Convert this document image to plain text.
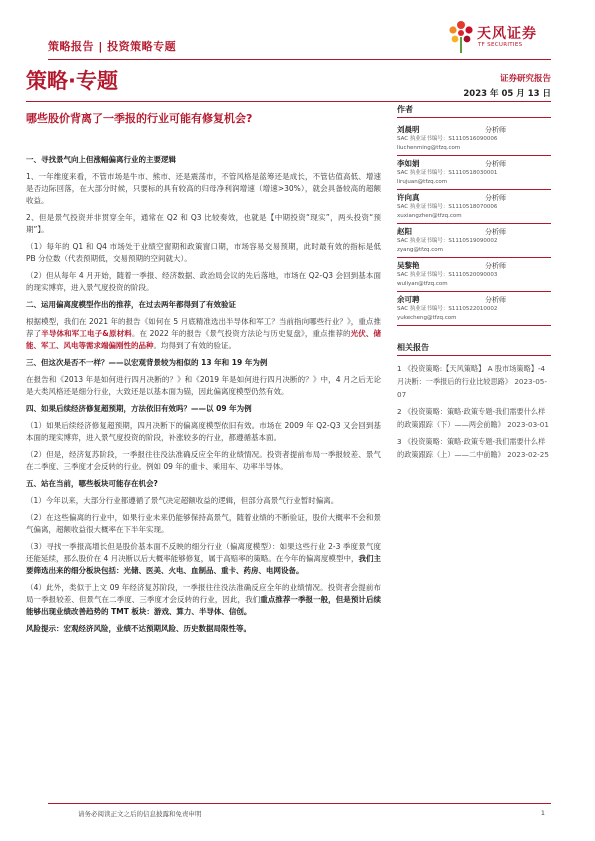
策略报告 | 投资策略专题
天风证券
TF SECURITIES
策略·专题	证券研究报告
2023 年 05 月 13 日
哪些股价背离了一季报的行业可能有修复机会?
一、寻找景气向上但涨幅偏离行业的主要逻辑

1、一年维度来看，不管市场是牛市、熊市、还是震荡市，不管风格是蓝筹还是成长，不管估值高低、增速是否边际回落，在大部分时候，只要标的具有较高的归母净利润增速（增速>30%），就会具备较高的超额收益。

2、但是景气投资并非贯穿全年，通常在 Q2 和 Q3 比较奏效，也就是【中期投资“现实”，两头投资“预期”】。

（1）每年的 Q1 和 Q4 市场处于业绩空窗期和政策窗口期，市场容易交易预期，此时最有效的指标是低 PB 分位数（代表预期低，交易预期的空间就大）。

（2）但从每年 4 月开始，随着一季报、经济数据、政治局会议的先后落地，市场在 Q2-Q3 会回到基本面的现实博弈，进入景气度投资的阶段。

二、运用偏离度模型作出的推荐，在过去两年都得到了有效验证

根据模型，我们在 2021 年的报告《如何在 5 月底精准选出半导体和军工？当前指向哪些行业？》，重点推荐了半导体和军工电子&原材料。在 2022 年的报告《景气投资方法论与历史复盘》，重点推荐的光伏、储能、军工、风电等需求端偏刚性的品种。均得到了有效的验证。

三、但这次是否不一样？——以宏观背景较为相似的 13 年和 19 年为例

在报告和《2013 年是如何进行四月决断的？》和《2019 年是如何进行四月决断的？》中，4 月之后无论是大类风格还是细分行业，大致还是以基本面为锚，因此偏离度模型仍然有效。

四、如果后续经济修复超预期，方法依旧有效吗？——以 09 年为例

（1）如果后续经济修复超预期，四月决断下的偏离度模型依旧有效。市场在 2009 年 Q2-Q3 又会回到基本面的现实博弈，进入景气度投资的阶段，补涨较多的行业，都遵循基本面。

（2）但是，经济复苏阶段，一季报往往没法准确反应全年的业绩情况。投资者提前布局一季报较差、景气在二季度、三季度才会反转的行业。例如 09 年的重卡、乘用车、功率半导体。

五、站在当前，哪些板块可能存在机会?

（1）今年以来，大部分行业都遵循了景气决定超额收益的逻辑，但部分高景气行业暂时偏离。

（2）在这些偏离的行业中，如果行业未来仍能够保持高景气，随着业绩的不断验证，股价大概率不会和景气偏离，超额收益很大概率在下半年实现。

（3）寻找一季报高增长但是股价基本面不反映的细分行业（偏离度模型）：如果这些行业 2-3 季度景气度还能延续，那么股价在 4 月决断以后大概率能够修复，属于高赔率的策略。在今年的偏离度模型中，我们主要筛选出来的细分板块包括：光储、医美、火电、血制品、重卡、药房、电网设备。

（4）此外，类似于上文 09 年经济复苏阶段，一季报往往没法准确反应全年的业绩情况。投资者会提前布局一季报较差、但景气在二季度、三季度才会反转的行业，因此，我们重点推荐一季报一般，但是预计后续能够出现业绩改善趋势的 TMT 板块：游戏、算力、半导体、信创。

风险提示：宏观经济风险，业绩不达预期风险、历史数据局限性等。

作者
刘晨明	分析师
SAC 执业证书编号：S1110516090006
liuchenming@tfzq.com
李如娟	分析师
SAC 执业证书编号：S1110518030001
lirujuan@tfzq.com
许向真	分析师
SAC 执业证书编号：S1110518070006
xuxiangzhen@tfzq.com
赵阳	分析师
SAC 执业证书编号：S1110519090002
zyang@tfzq.com
吴黎艳	分析师
SAC 执业证书编号：S1110520090003
wuliyan@tfzq.com
余可聘	分析师
SAC 执业证书编号：S1110522010002
yukecheng@tfzq.com
相关报告
1 《投资策略:【天风策略】 A 股市场策略】-4 月决断：一季报后的行业比较思路》 2023-05-07
2 《投资策略：策略·政策专题-我们需要什么样的政策跟踪（下）——两会前瞻》 2023-03-01
3 《投资策略：策略·政策专题-我们需要什么样的政策跟踪（上）——二中前瞻》 2023-02-25
请务必阅读正文之后的信息披露和免责申明	1
